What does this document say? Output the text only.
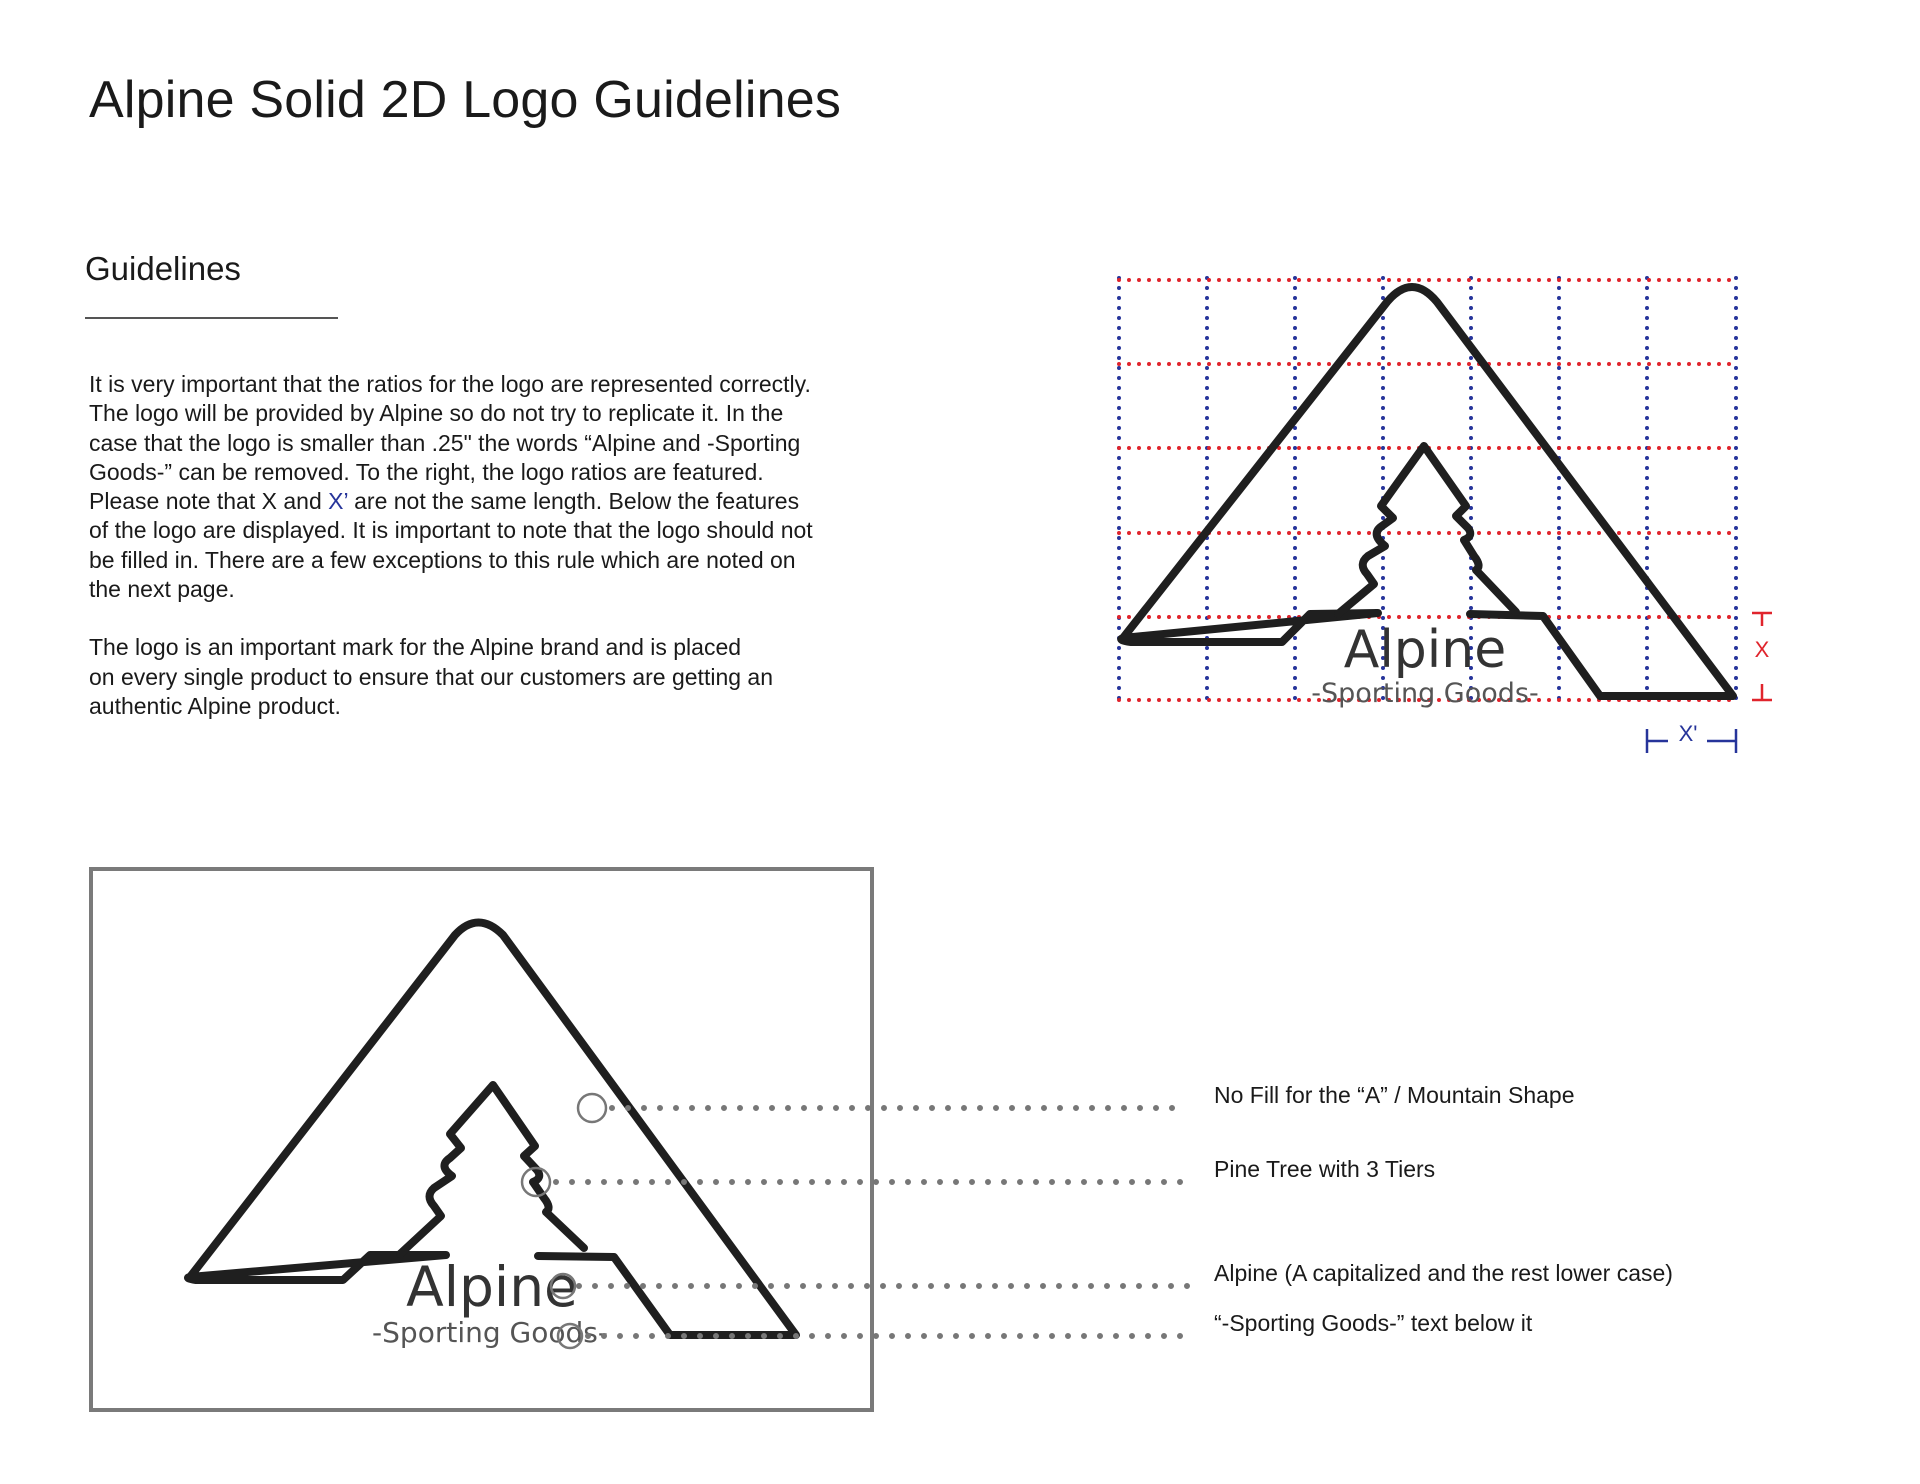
Alpine Solid 2D Logo Guidelines
Guidelines

It is very important that the ratios for the logo are represented correctly.
The logo will be provided by Alpine so do not try to replicate it. In the
case that the logo is smaller than .25" the words “Alpine and -Sporting
Goods-” can be removed. To the right, the logo ratios are featured.
Please note that X and X’ are not the same length. Below the features
of the logo are displayed. It is important to note that the logo should not
be filled in. There are a few exceptions to this rule which are noted on
the next page.

The logo is an important mark for the Alpine brand and is placed
on every single product to ensure that our customers are getting an
authentic Alpine product.

Alpine
-Sporting Goods-
X
X'
Alpine
-Sporting Goods-
No Fill for the “A” / Mountain Shape
Pine Tree with 3 Tiers
Alpine (A capitalized and the rest lower case)
“-Sporting Goods-” text below it
